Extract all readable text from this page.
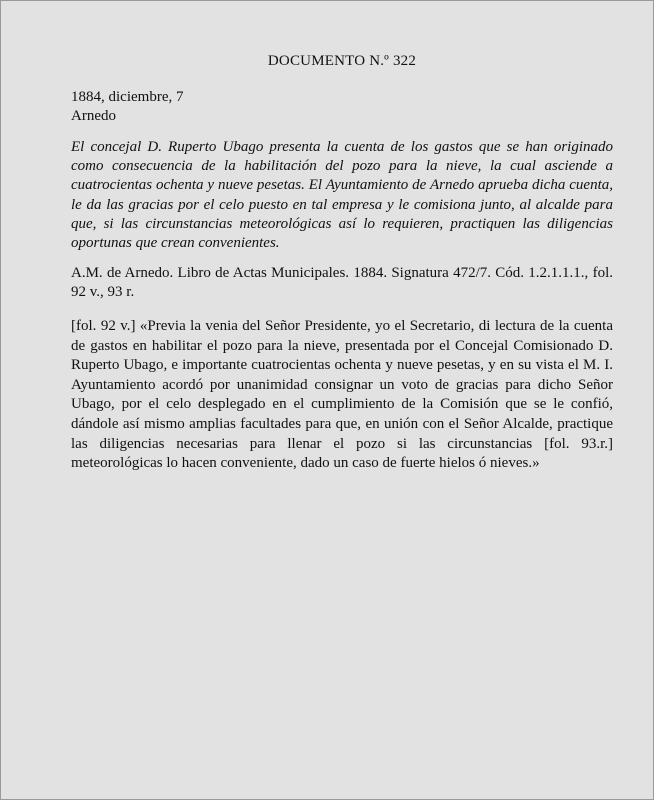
DOCUMENTO N.º 322

1884, diciembre, 7

Arnedo

El concejal D. Ruperto Ubago presenta la cuenta de los gastos que se han originado como consecuencia de la habilitación del pozo para la nieve, la cual asciende a cuatrocientas ochenta y nueve pesetas. El Ayuntamiento de Arnedo aprueba dicha cuenta, le da las gracias por el celo puesto en tal empresa y le comisiona junto, al alcalde para que, si las circunstancias meteorológicas así lo requieren, practiquen las diligencias oportunas que crean convenientes.

A.M. de Arnedo. Libro de Actas Municipales. 1884. Signatura 472/7. Cód. 1.2.1.1.1., fol. 92 v., 93 r.

[fol. 92 v.] «Previa la venia del Señor Presidente, yo el Secretario, di lectura de la cuenta de gastos en habilitar el pozo para la nieve, presentada por el Concejal Comisionado D. Ruperto Ubago, e importante cuatrocientas ochenta y nueve pesetas, y en su vista el M. I. Ayuntamiento acordó por unanimidad consignar un voto de gracias para dicho Señor Ubago, por el celo desplegado en el cumplimiento de la Comisión que se le confió, dándole así mismo amplias facultades para que, en unión con el Señor Alcalde, practique las diligencias necesarias para llenar el pozo si las circunstancias [fol. 93.r.] meteorológicas lo hacen conveniente, dado un caso de fuerte hielos ó nieves.»
